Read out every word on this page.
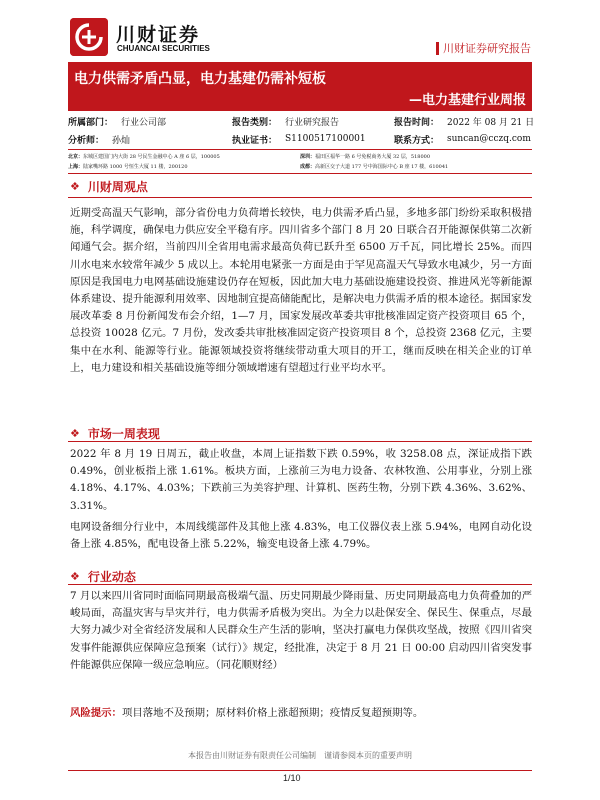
川财证券
CHUANCAI SECURITIES	川财证券研究报告
电力供需矛盾凸显，电力基建仍需补短板
—电力基建行业周报
所属部门： 行业公司部	报告类别： 行业研究报告	报告时间： 2022 年 08 月 21 日
分析师： 孙灿	执业证书： S1100517100001	联系方式： suncan@cczq.com
北京：东城区建国门内大街 28 号民生金融中心 A 座 6 层，100005	深圳：福田区福华一路 6 号免税商务大厦 32 层，518000
上海：陆家嘴环路 1000 号恒生大厦 11 楼，200120	成都：高新区交子大道 177 号中海国际中心 B 座 17 楼，610041
❖ 川财周观点
近期受高温天气影响，部分省份电力负荷增长较快，电力供需矛盾凸显，多地多部门纷纷采取积极措施，科学调度，确保电力供应安全平稳有序。四川省多个部门 8 月 20 日联合召开能源保供第二次新闻通气会。据介绍，当前四川全省用电需求最高负荷已跃升至 6500 万千瓦，同比增长 25%。而四川水电来水较常年减少 5 成以上。本轮用电紧张一方面是由于罕见高温天气导致水电减少，另一方面原因是我国电力电网基础设施建设仍存在短板，因此加大电力基础设施建设投资、推进风光等新能源体系建设、提升能源利用效率、因地制宜提高储能配比，是解决电力供需矛盾的根本途径。据国家发展改革委 8 月份新闻发布会介绍，1—7 月，国家发展改革委共审批核准固定资产投资项目 65 个，总投资 10028 亿元。7 月份，发改委共审批核准固定资产投资项目 8 个，总投资 2368 亿元，主要集中在水利、能源等行业。能源领域投资将继续带动重大项目的开工，继而反映在相关企业的订单上，电力建设和相关基础设施等细分领域增速有望超过行业平均水平。
❖ 市场一周表现
2022 年 8 月 19 日周五，截止收盘，本周上证指数下跌 0.59%，收 3258.08 点，深证成指下跌 0.49%，创业板指上涨 1.61%。板块方面，上涨前三为电力设备、农林牧渔、公用事业，分别上涨 4.18%、4.17%、4.03%；下跌前三为美容护理、计算机、医药生物，分别下跌 4.36%、3.62%、3.31%。
电网设备细分行业中，本周线缆部件及其他上涨 4.83%，电工仪器仪表上涨 5.94%，电网自动化设备上涨 4.85%，配电设备上涨 5.22%，输变电设备上涨 4.79%。
❖ 行业动态
7 月以来四川省同时面临同期最高极端气温、历史同期最少降雨量、历史同期最高电力负荷叠加的严峻局面，高温灾害与旱灾并行，电力供需矛盾极为突出。为全力以赴保安全、保民生、保重点，尽最大努力减少对全省经济发展和人民群众生产生活的影响，坚决打赢电力保供攻坚战，按照《四川省突发事件能源供应保障应急预案（试行）》规定，经批准，决定于 8 月 21 日 00:00 启动四川省突发事件能源供应保障一级应急响应。（同花顺财经）
风险提示：项目落地不及预期；原材料价格上涨超预期；疫情反复超预期等。
本报告由川财证券有限责任公司编制　谨请参阅本页的重要声明
1/10
